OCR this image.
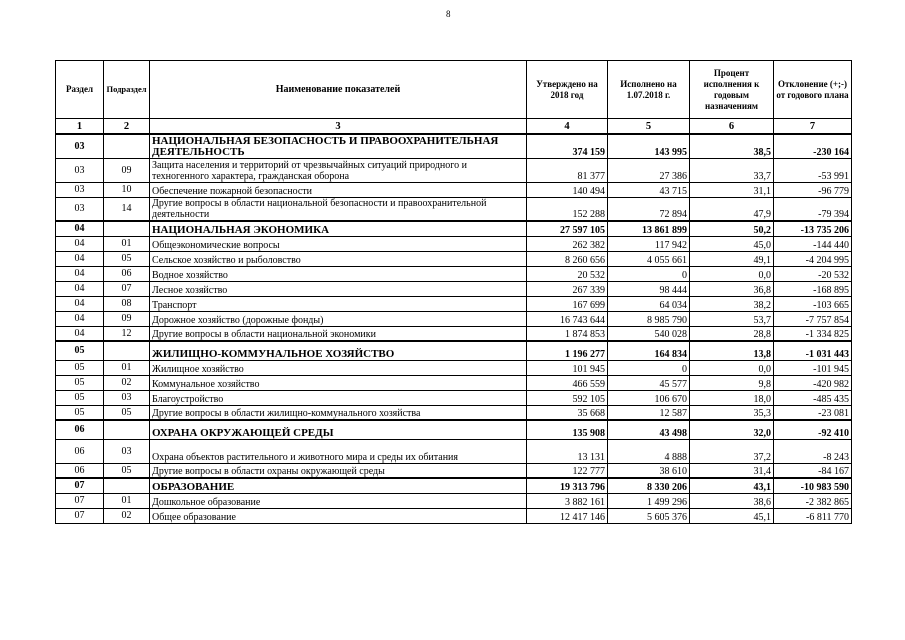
8
Раздел	Подраздел	Наименование показателей	Утверждено на 2018 год	Исполнено на 1.07.2018 г.	Процент исполнения к годовым назначениям	Отклонение (+;-) от годового плана
1	2	3	4	5	6	7
03		НАЦИОНАЛЬНАЯ БЕЗОПАСНОСТЬ И ПРАВООХРАНИТЕЛЬНАЯ ДЕЯТЕЛЬНОСТЬ	374 159	143 995	38,5	-230 164
03	09	Защита населения и территорий от чрезвычайных ситуаций природного и техногенного характера, гражданская оборона	81 377	27 386	33,7	-53 991
03	10	Обеспечение пожарной безопасности	140 494	43 715	31,1	-96 779
03	14	Другие вопросы в области национальной безопасности и правоохранительной деятельности	152 288	72 894	47,9	-79 394
04		НАЦИОНАЛЬНАЯ ЭКОНОМИКА	27 597 105	13 861 899	50,2	-13 735 206
04	01	Общеэкономические вопросы	262 382	117 942	45,0	-144 440
04	05	Сельское хозяйство и рыболовство	8 260 656	4 055 661	49,1	-4 204 995
04	06	Водное хозяйство	20 532	0	0,0	-20 532
04	07	Лесное хозяйство	267 339	98 444	36,8	-168 895
04	08	Транспорт	167 699	64 034	38,2	-103 665
04	09	Дорожное хозяйство (дорожные фонды)	16 743 644	8 985 790	53,7	-7 757 854
04	12	Другие вопросы в области национальной экономики	1 874 853	540 028	28,8	-1 334 825
05		ЖИЛИЩНО-КОММУНАЛЬНОЕ ХОЗЯЙСТВО	1 196 277	164 834	13,8	-1 031 443
05	01	Жилищное хозяйство	101 945	0	0,0	-101 945
05	02	Коммунальное хозяйство	466 559	45 577	9,8	-420 982
05	03	Благоустройство	592 105	106 670	18,0	-485 435
05	05	Другие вопросы в области жилищно-коммунального хозяйства	35 668	12 587	35,3	-23 081
06		ОХРАНА ОКРУЖАЮЩЕЙ СРЕДЫ	135 908	43 498	32,0	-92 410
06	03	Охрана объектов растительного и животного мира и среды их обитания	13 131	4 888	37,2	-8 243
06	05	Другие вопросы в области охраны окружающей среды	122 777	38 610	31,4	-84 167
07		ОБРАЗОВАНИЕ	19 313 796	8 330 206	43,1	-10 983 590
07	01	Дошкольное образование	3 882 161	1 499 296	38,6	-2 382 865
07	02	Общее образование	12 417 146	5 605 376	45,1	-6 811 770
